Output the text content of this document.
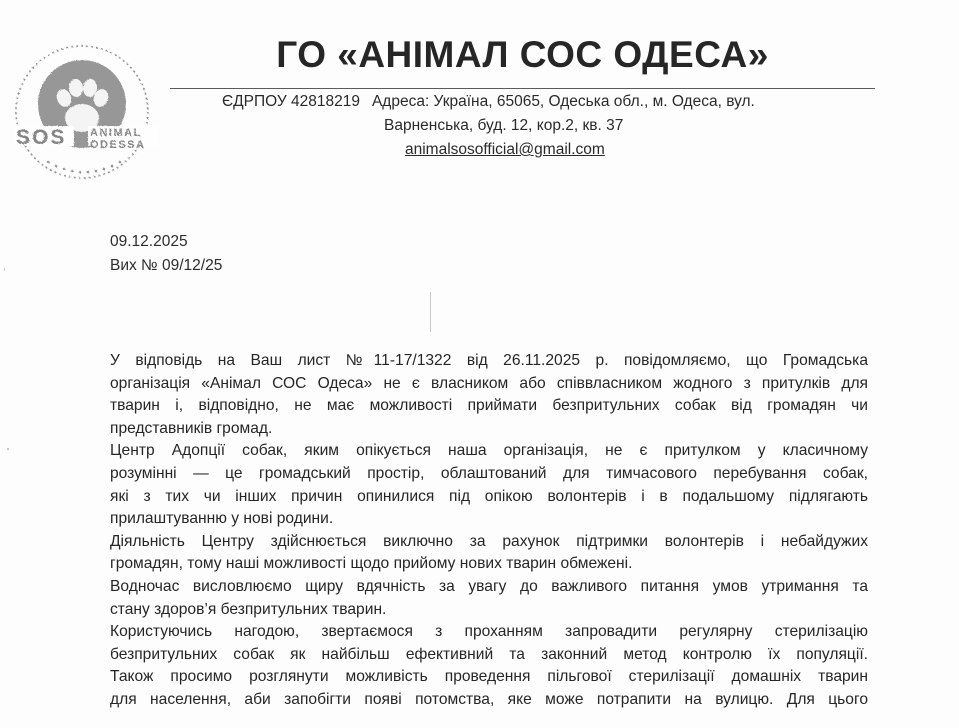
SOS ANIMAL
ODESSA
ГО «АНІМАЛ СОС ОДЕСА»
ЄДРПОУ 42818219 Адреса: Україна, 65065, Одеська обл., м. Одеса, вул.
Варненська, буд. 12, кор.2, кв. 37
animalsosofficial@gmail.com
09.12.2025
Вих № 09/12/25
У відповідь на Ваш лист №11-17/1322 від 26.11.2025 р. повідомляємо, що Громадська
організація «Анімал СОС Одеса» не є власником або співвласником жодного з притулків для
тварин і, відповідно, не має можливості приймати безпритульних собак від громадян чи
представників громад.
Центр Адопції собак, яким опікується наша організація, не є притулком у класичному
розумінні — це громадський простір, облаштований для тимчасового перебування собак,
які з тих чи інших причин опинилися під опікою волонтерів і в подальшому підлягають
прилаштуванню у нові родини.
Діяльність Центру здійснюється виключно за рахунок підтримки волонтерів і небайдужих
громадян, тому наші можливості щодо прийому нових тварин обмежені.
Водночас висловлюємо щиру вдячність за увагу до важливого питання умов утримання та
стану здоров’я безпритульних тварин.
Користуючись нагодою, звертаємося з проханням запровадити регулярну стерилізацію
безпритульних собак як найбільш ефективний та законний метод контролю їх популяції.
Також просимо розглянути можливість проведення пільгової стерилізації домашніх тварин
для населення, аби запобігти появі потомства, яке може потрапити на вулицю. Для цього
